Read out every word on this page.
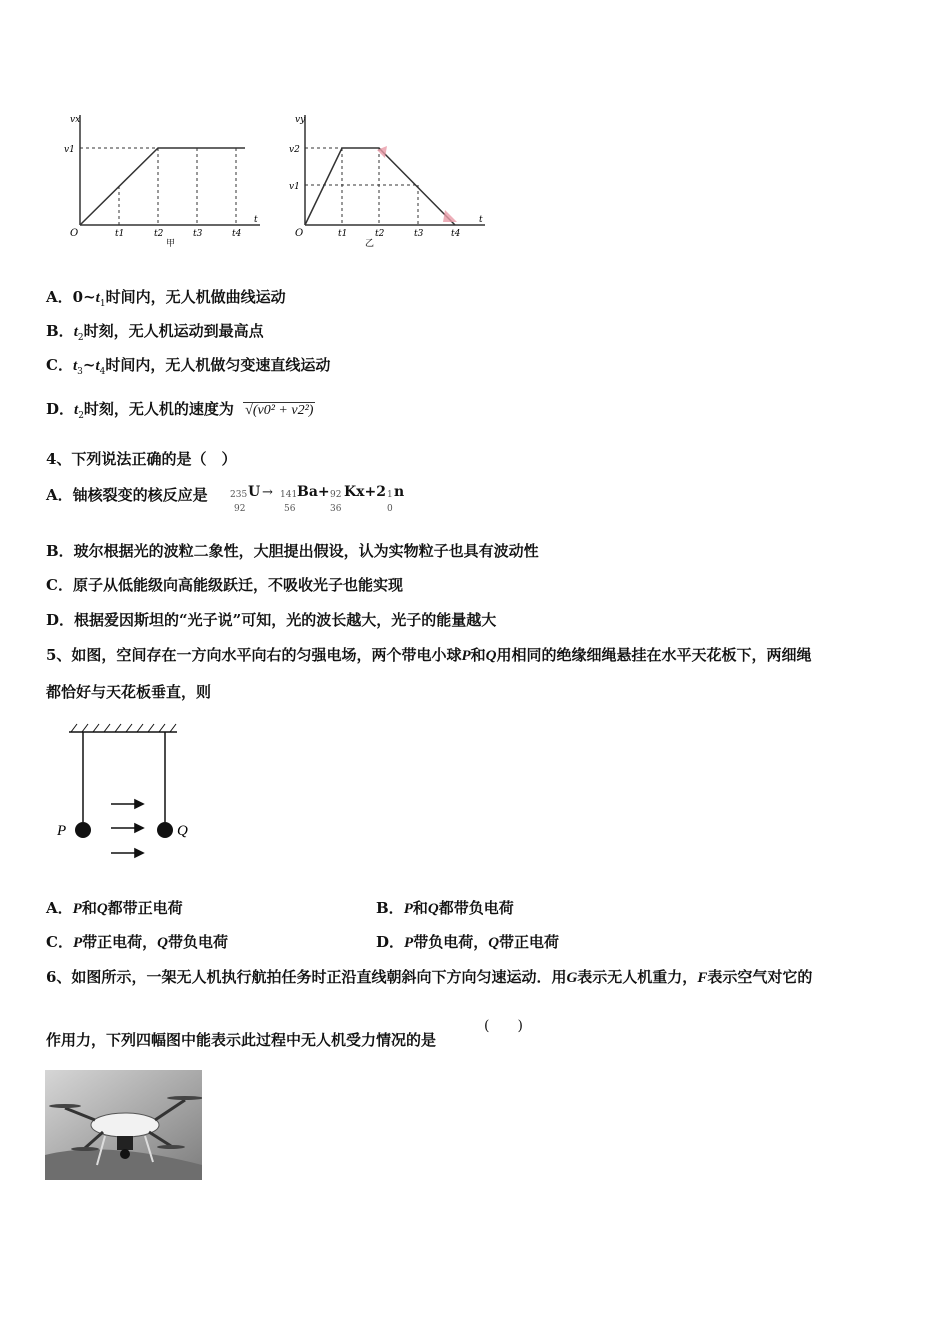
vx
v1
O	t1	t2	t3	t4
t
甲
vy
v2
v1
O	t1	t2	t3	t4
t
乙
A．$0\sim t_1$时间内，无人机做曲线运动
B．$t_2$时刻，无人机运动到最高点
C．$t_3\sim t_4$时间内，无人机做匀变速直线运动
D．$t_2$时刻，无人机的速度为 √(v0² + v2²)
4、下列说法正确的是（　）
A．铀核裂变的核反应是 235
92
U → 141
56
Ba+ 92
36
Kx+2 1
0
n
B．玻尔根据光的波粒二象性，大胆提出假设，认为实物粒子也具有波动性
C．原子从低能级向高能级跃迁，不吸收光子也能实现
D．根据爱因斯坦的“光子说”可知，光的波长越大，光子的能量越大
5、如图，空间存在一方向水平向右的匀强电场，两个带电小球P和Q用相同的绝缘细绳悬挂在水平天花板下，两细绳
都恰好与天花板垂直，则
P	Q
A．P和Q都带正电荷	B．P和Q都带负电荷
C．P带正电荷，Q带负电荷	D．P带负电荷，Q带正电荷
6、如图所示，一架无人机执行航拍任务时正沿直线朝斜向下方向匀速运动．用G表示无人机重力，F表示空气对它的
作用力，下列四幅图中能表示此过程中无人机受力情况的是
(　　)
